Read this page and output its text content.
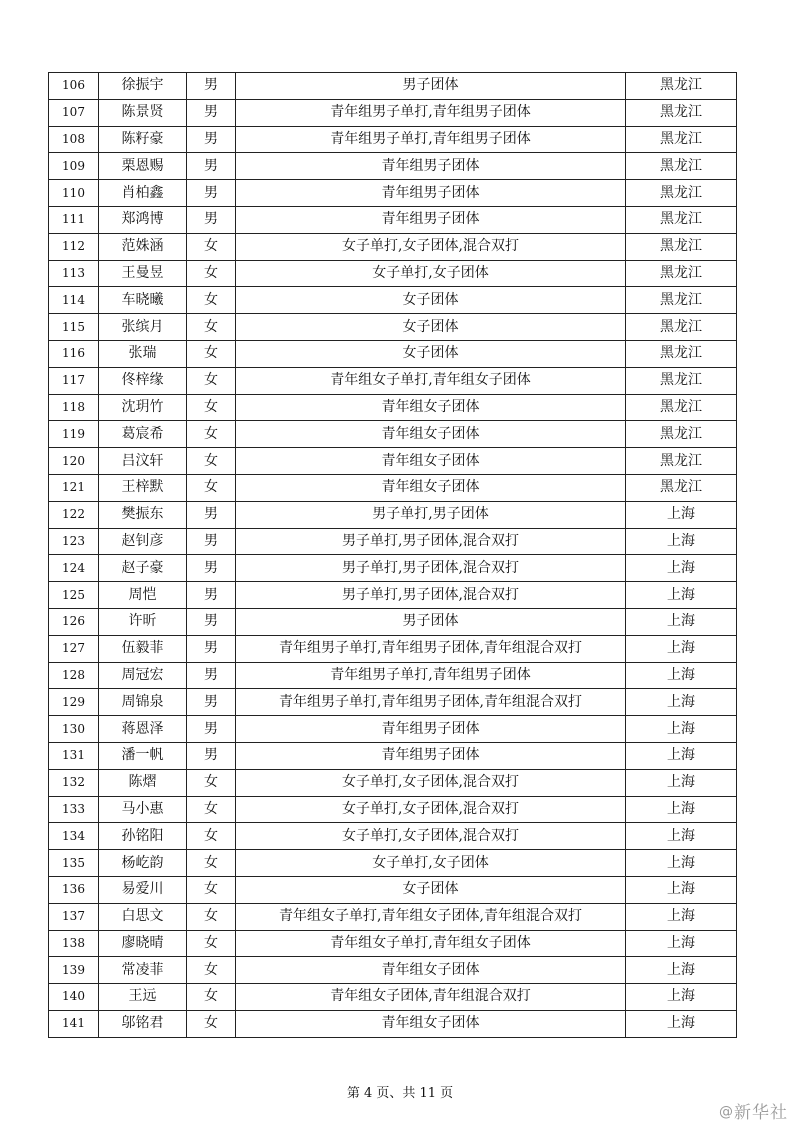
106	徐振宇	男	男子团体	黑龙江
107	陈景贤	男	青年组男子单打,青年组男子团体	黑龙江
108	陈籽豪	男	青年组男子单打,青年组男子团体	黑龙江
109	栗恩赐	男	青年组男子团体	黑龙江
110	肖柏鑫	男	青年组男子团体	黑龙江
111	郑鸿博	男	青年组男子团体	黑龙江
112	范姝涵	女	女子单打,女子团体,混合双打	黑龙江
113	王曼昱	女	女子单打,女子团体	黑龙江
114	车晓曦	女	女子团体	黑龙江
115	张缤月	女	女子团体	黑龙江
116	张瑞	女	女子团体	黑龙江
117	佟梓缘	女	青年组女子单打,青年组女子团体	黑龙江
118	沈玥竹	女	青年组女子团体	黑龙江
119	葛宸希	女	青年组女子团体	黑龙江
120	吕汶轩	女	青年组女子团体	黑龙江
121	王梓默	女	青年组女子团体	黑龙江
122	樊振东	男	男子单打,男子团体	上海
123	赵钊彦	男	男子单打,男子团体,混合双打	上海
124	赵子豪	男	男子单打,男子团体,混合双打	上海
125	周恺	男	男子单打,男子团体,混合双打	上海
126	许昕	男	男子团体	上海
127	伍毅菲	男	青年组男子单打,青年组男子团体,青年组混合双打	上海
128	周冠宏	男	青年组男子单打,青年组男子团体	上海
129	周锦泉	男	青年组男子单打,青年组男子团体,青年组混合双打	上海
130	蒋恩泽	男	青年组男子团体	上海
131	潘一帆	男	青年组男子团体	上海
132	陈熠	女	女子单打,女子团体,混合双打	上海
133	马小惠	女	女子单打,女子团体,混合双打	上海
134	孙铭阳	女	女子单打,女子团体,混合双打	上海
135	杨屹韵	女	女子单打,女子团体	上海
136	易爱川	女	女子团体	上海
137	白思文	女	青年组女子单打,青年组女子团体,青年组混合双打	上海
138	廖晓晴	女	青年组女子单打,青年组女子团体	上海
139	常凌菲	女	青年组女子团体	上海
140	王远	女	青年组女子团体,青年组混合双打	上海
141	邬铭君	女	青年组女子团体	上海
第 4 页、共 11 页
@新华社
